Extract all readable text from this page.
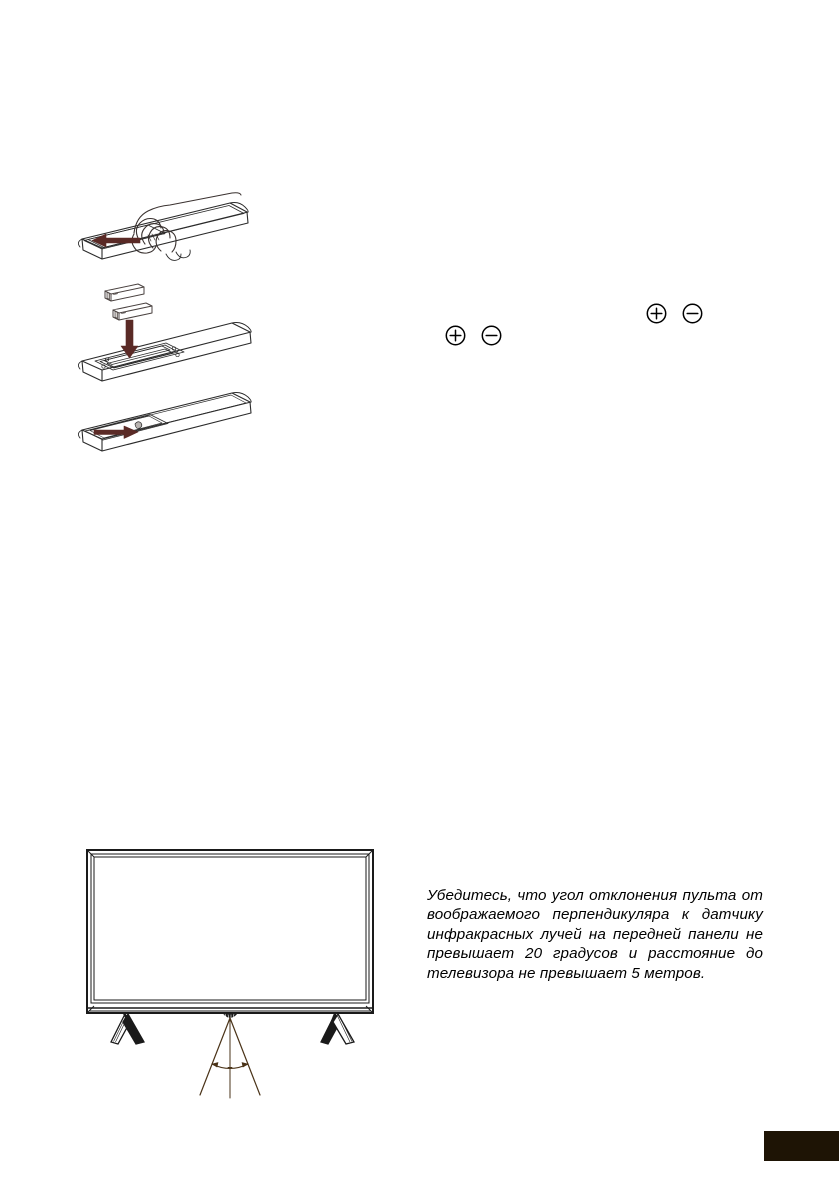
Убедитесь, что угол отклонения пульта от воображаемого перпендикуляра к датчику инфракрасных лучей на передней панели не превышает 20 градусов и расстояние до телевизора не превышает 5 метров.
